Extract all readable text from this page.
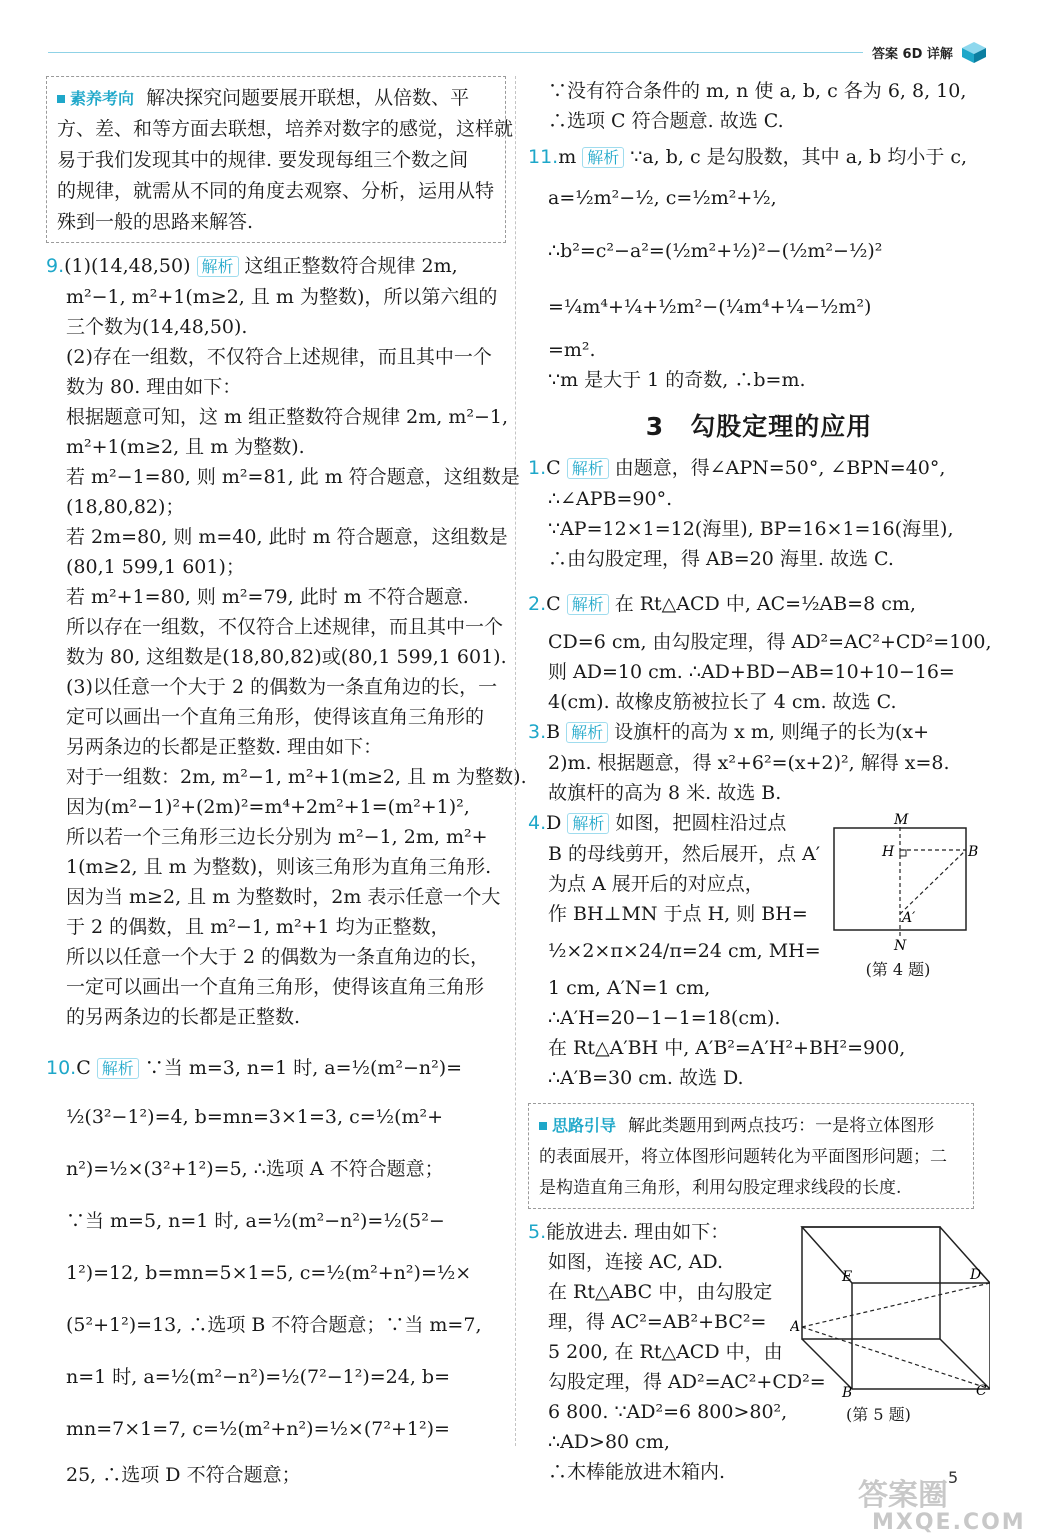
答案 6D 详解
素养考向 解决探究问题要展开联想，从倍数、平
方、差、和等方面去联想，培养对数字的感觉，这样就
易于我们发现其中的规律. 要发现每组三个数之间
的规律，就需从不同的角度去观察、分析，运用从特
殊到一般的思路来解答.
9.(1)(14,48,50) 解析 这组正整数符合规律 2m,
m²−1, m²+1(m≥2, 且 m 为整数)，所以第六组的
三个数为(14,48,50).
(2)存在一组数，不仅符合上述规律，而且其中一个
数为 80. 理由如下：
根据题意可知，这 m 组正整数符合规律 2m, m²−1,
m²+1(m≥2, 且 m 为整数).
若 m²−1=80, 则 m²=81, 此 m 符合题意，这组数是
(18,80,82)；
若 2m=80, 则 m=40, 此时 m 符合题意，这组数是
(80,1 599,1 601)；
若 m²+1=80, 则 m²=79, 此时 m 不符合题意.
所以存在一组数，不仅符合上述规律，而且其中一个
数为 80, 这组数是(18,80,82)或(80,1 599,1 601).
(3)以任意一个大于 2 的偶数为一条直角边的长，一
定可以画出一个直角三角形，使得该直角三角形的
另两条边的长都是正整数. 理由如下：
对于一组数：2m, m²−1, m²+1(m≥2, 且 m 为整数).
因为(m²−1)²+(2m)²=m⁴+2m²+1=(m²+1)²,
所以若一个三角形三边长分别为 m²−1, 2m, m²+
1(m≥2, 且 m 为整数)，则该三角形为直角三角形.
因为当 m≥2, 且 m 为整数时，2m 表示任意一个大
于 2 的偶数，且 m²−1, m²+1 均为正整数，
所以以任意一个大于 2 的偶数为一条直角边的长，
一定可以画出一个直角三角形，使得该直角三角形
的另两条边的长都是正整数.
10.C 解析 ∵当 m=3, n=1 时, a=½(m²−n²)=
½(3²−1²)=4, b=mn=3×1=3, c=½(m²+
n²)=½×(3²+1²)=5, ∴选项 A 不符合题意；
∵当 m=5, n=1 时, a=½(m²−n²)=½(5²−
1²)=12, b=mn=5×1=5, c=½(m²+n²)=½×
(5²+1²)=13, ∴选项 B 不符合题意；∵当 m=7,
n=1 时, a=½(m²−n²)=½(7²−1²)=24, b=
mn=7×1=7, c=½(m²+n²)=½×(7²+1²)=
25, ∴选项 D 不符合题意；
∵没有符合条件的 m, n 使 a, b, c 各为 6, 8, 10,
∴选项 C 符合题意. 故选 C.
11.m 解析 ∵a, b, c 是勾股数，其中 a, b 均小于 c,
a=½m²−½, c=½m²+½,
∴b²=c²−a²=(½m²+½)²−(½m²−½)²
=¼m⁴+¼+½m²−(¼m⁴+¼−½m²)
=m².
∵m 是大于 1 的奇数, ∴b=m.
3 勾股定理的应用
1.C 解析 由题意，得∠APN=50°, ∠BPN=40°,
∴∠APB=90°.
∵AP=12×1=12(海里), BP=16×1=16(海里),
∴由勾股定理，得 AB=20 海里. 故选 C.
2.C 解析 在 Rt△ACD 中, AC=½AB=8 cm,
CD=6 cm, 由勾股定理，得 AD²=AC²+CD²=100,
则 AD=10 cm. ∴AD+BD−AB=10+10−16=
4(cm). 故橡皮筋被拉长了 4 cm. 故选 C.
3.B 解析 设旗杆的高为 x m, 则绳子的长为(x+
2)m. 根据题意，得 x²+6²=(x+2)², 解得 x=8.
故旗杆的高为 8 米. 故选 B.
4.D 解析 如图，把圆柱沿过点
B 的母线剪开，然后展开，点 A′
为点 A 展开后的对应点，
作 BH⊥MN 于点 H, 则 BH=
½×2×π×24/π=24 cm, MH=
1 cm, A′N=1 cm,
∴A′H=20−1−1=18(cm).
在 Rt△A′BH 中, A′B²=A′H²+BH²=900,
∴A′B=30 cm. 故选 D.
M
H	B
A′
N
(第 4 题)
思路引导 解此类题用到两点技巧：一是将立体图形
的表面展开，将立体图形问题转化为平面图形问题；二
是构造直角三角形，利用勾股定理求线段的长度.
5.能放进去. 理由如下：
如图，连接 AC, AD.
在 Rt△ABC 中，由勾股定
理，得 AC²=AB²+BC²=
5 200, 在 Rt△ACD 中，由
勾股定理，得 AD²=AC²+CD²=
6 800. ∵AD²=6 800>80²,
∴AD>80 cm,
∴木棒能放进木箱内.
E	D
A
B	C
(第 5 题)
答案圈
MXQE.COM
5
